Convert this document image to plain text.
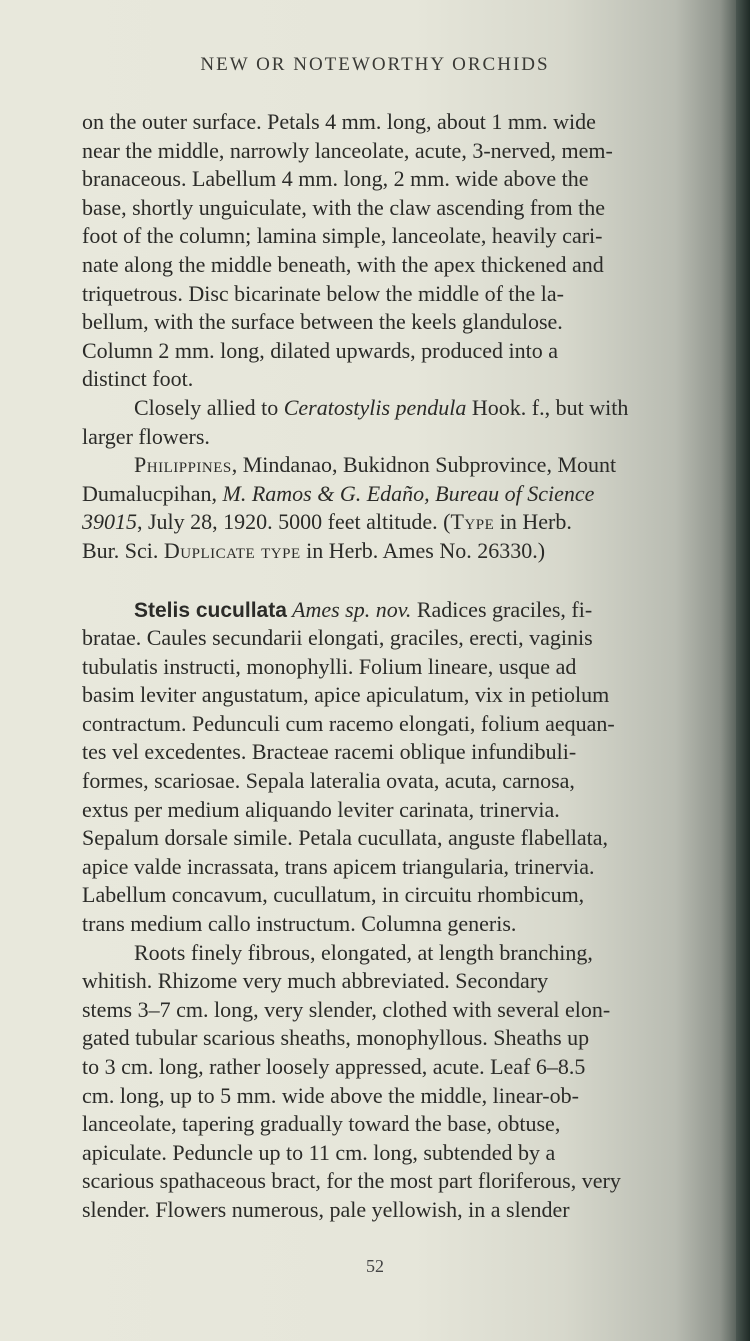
NEW OR NOTEWORTHY ORCHIDS
on the outer surface. Petals 4 mm. long, about 1 mm. wide
near the middle, narrowly lanceolate, acute, 3-nerved, mem-
branaceous. Labellum 4 mm. long, 2 mm. wide above the
base, shortly unguiculate, with the claw ascending from the
foot of the column; lamina simple, lanceolate, heavily cari-
nate along the middle beneath, with the apex thickened and
triquetrous. Disc bicarinate below the middle of the la-
bellum, with the surface between the keels glandulose.
Column 2 mm. long, dilated upwards, produced into a
distinct foot.
Closely allied to Ceratostylis pendula Hook. f., but with
larger flowers.
Philippines, Mindanao, Bukidnon Subprovince, Mount
Dumalucpihan, M. Ramos & G. Edaño, Bureau of Science
39015, July 28, 1920. 5000 feet altitude. (Type in Herb.
Bur. Sci. Duplicate type in Herb. Ames No. 26330.)
Stelis cucullata Ames sp. nov. Radices graciles, fi-
bratae. Caules secundarii elongati, graciles, erecti, vaginis
tubulatis instructi, monophylli. Folium lineare, usque ad
basim leviter angustatum, apice apiculatum, vix in petiolum
contractum. Pedunculi cum racemo elongati, folium aequan-
tes vel excedentes. Bracteae racemi oblique infundibuli-
formes, scariosae. Sepala lateralia ovata, acuta, carnosa,
extus per medium aliquando leviter carinata, trinervia.
Sepalum dorsale simile. Petala cucullata, anguste flabellata,
apice valde incrassata, trans apicem triangularia, trinervia.
Labellum concavum, cucullatum, in circuitu rhombicum,
trans medium callo instructum. Columna generis.
Roots finely fibrous, elongated, at length branching,
whitish. Rhizome very much abbreviated. Secondary
stems 3–7 cm. long, very slender, clothed with several elon-
gated tubular scarious sheaths, monophyllous. Sheaths up
to 3 cm. long, rather loosely appressed, acute. Leaf 6–8.5
cm. long, up to 5 mm. wide above the middle, linear-ob-
lanceolate, tapering gradually toward the base, obtuse,
apiculate. Peduncle up to 11 cm. long, subtended by a
scarious spathaceous bract, for the most part floriferous, very
slender. Flowers numerous, pale yellowish, in a slender
52
